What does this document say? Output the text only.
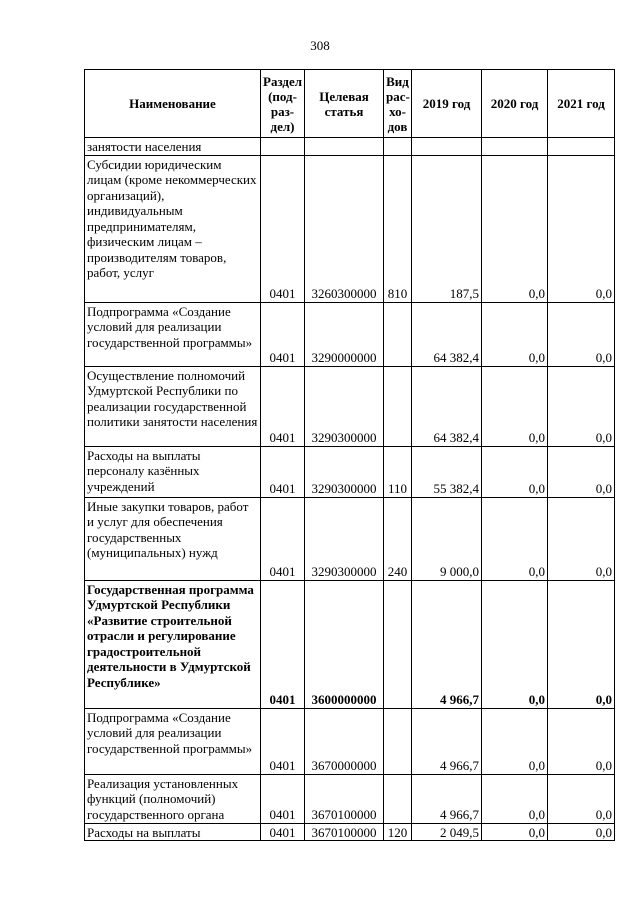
308
Наименование	Раздел (под-раз-дел)	Целевая статья	Вид рас-хо-дов	2019 год	2020 год	2021 год
занятости населения						
Субсидии юридическим лицам (кроме некоммерческих организаций), индивидуальным предпринимателям, физическим лицам – производителям товаров, работ, услуг	0401	3260300000	810	187,5	0,0	0,0
Подпрограмма «Создание условий для реализации государственной программы»	0401	3290000000		64 382,4	0,0	0,0
Осуществление полномочий Удмуртской Республики по реализации государственной политики занятости населения	0401	3290300000		64 382,4	0,0	0,0
Расходы на выплаты персоналу казённых учреждений	0401	3290300000	110	55 382,4	0,0	0,0
Иные закупки товаров, работ и услуг для обеспечения государственных (муниципальных) нужд	0401	3290300000	240	9 000,0	0,0	0,0
Государственная программа Удмуртской Республики «Развитие строительной отрасли и регулирование градостроительной деятельности в Удмуртской Республике»	0401	3600000000		4 966,7	0,0	0,0
Подпрограмма «Создание условий для реализации государственной программы»	0401	3670000000		4 966,7	0,0	0,0
Реализация установленных функций (полномочий) государственного органа	0401	3670100000		4 966,7	0,0	0,0
Расходы на выплаты	0401	3670100000	120	2 049,5	0,0	0,0
